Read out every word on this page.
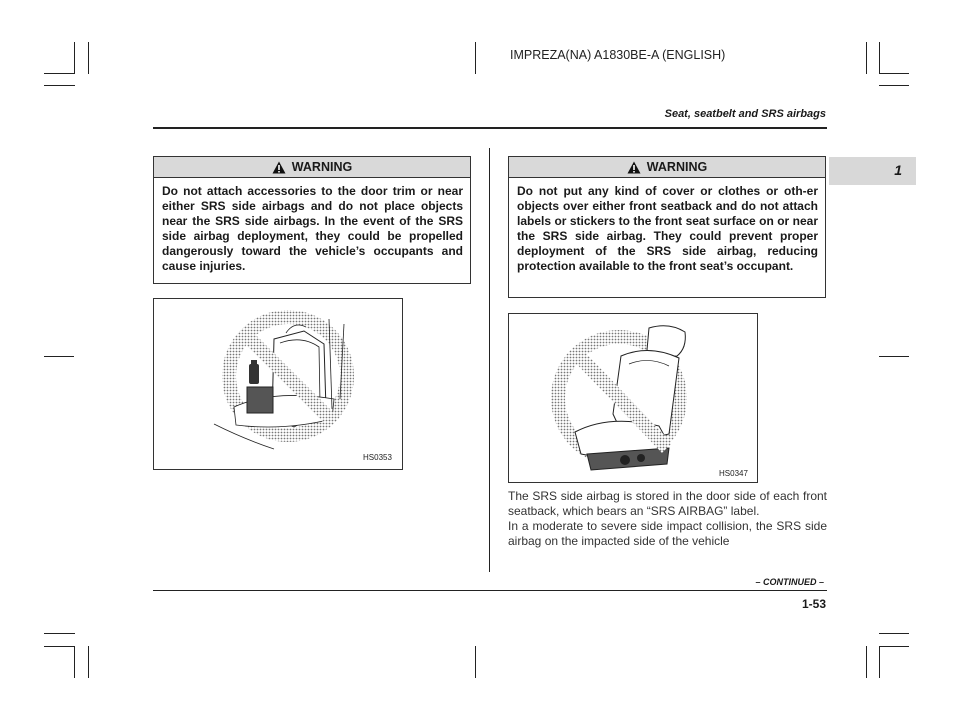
IMPREZA(NA) A1830BE-A (ENGLISH)
Seat, seatbelt and SRS airbags
1
WARNING
Do not attach accessories to the door trim or near either SRS side airbags and do not place objects near the SRS side airbags. In the event of the SRS side airbag deployment, they could be propelled dangerously toward the vehicle’s occupants and cause injuries.
WARNING
Do not put any kind of cover or clothes or oth-er objects over either front seatback and do not attach labels or stickers to the front seat surface on or near the SRS side airbag. They could prevent proper deployment of the SRS side airbag, reducing protection available to the front seat’s occupant.
HS0353
HS0347

The SRS side airbag is stored in the door side of each front seatback, which bears an “SRS AIRBAG” label.

In a moderate to severe side impact collision, the SRS side airbag on the impacted side of the vehicle

– CONTINUED –
1-53
